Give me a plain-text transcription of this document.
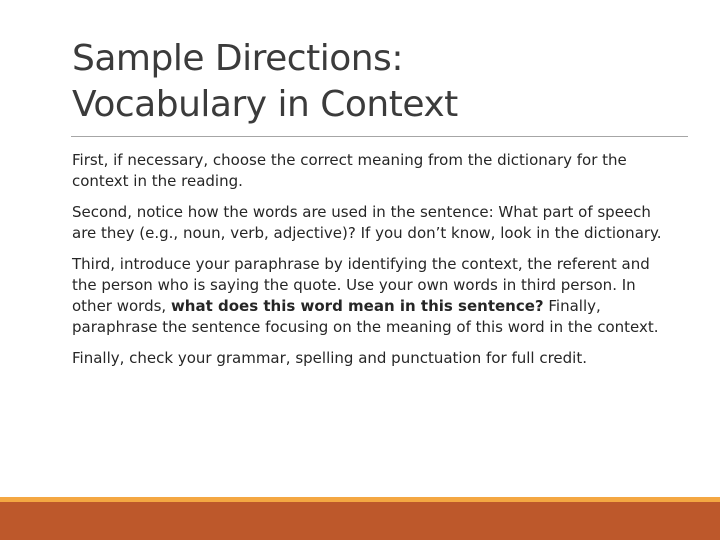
Sample Directions:
Vocabulary in Context

First, if necessary, choose the correct meaning from the dictionary for the context in the reading.

Second, notice how the words are used in the sentence: What part of speech are they (e.g., noun, verb, adjective)? If you don’t know, look in the dictionary.

Third, introduce your paraphrase by identifying the context, the referent and the person who is saying the quote. Use your own words in third person. In other words, what does this word mean in this sentence? Finally, paraphrase the sentence focusing on the meaning of this word in the context.

Finally, check your grammar, spelling and punctuation for full credit.
